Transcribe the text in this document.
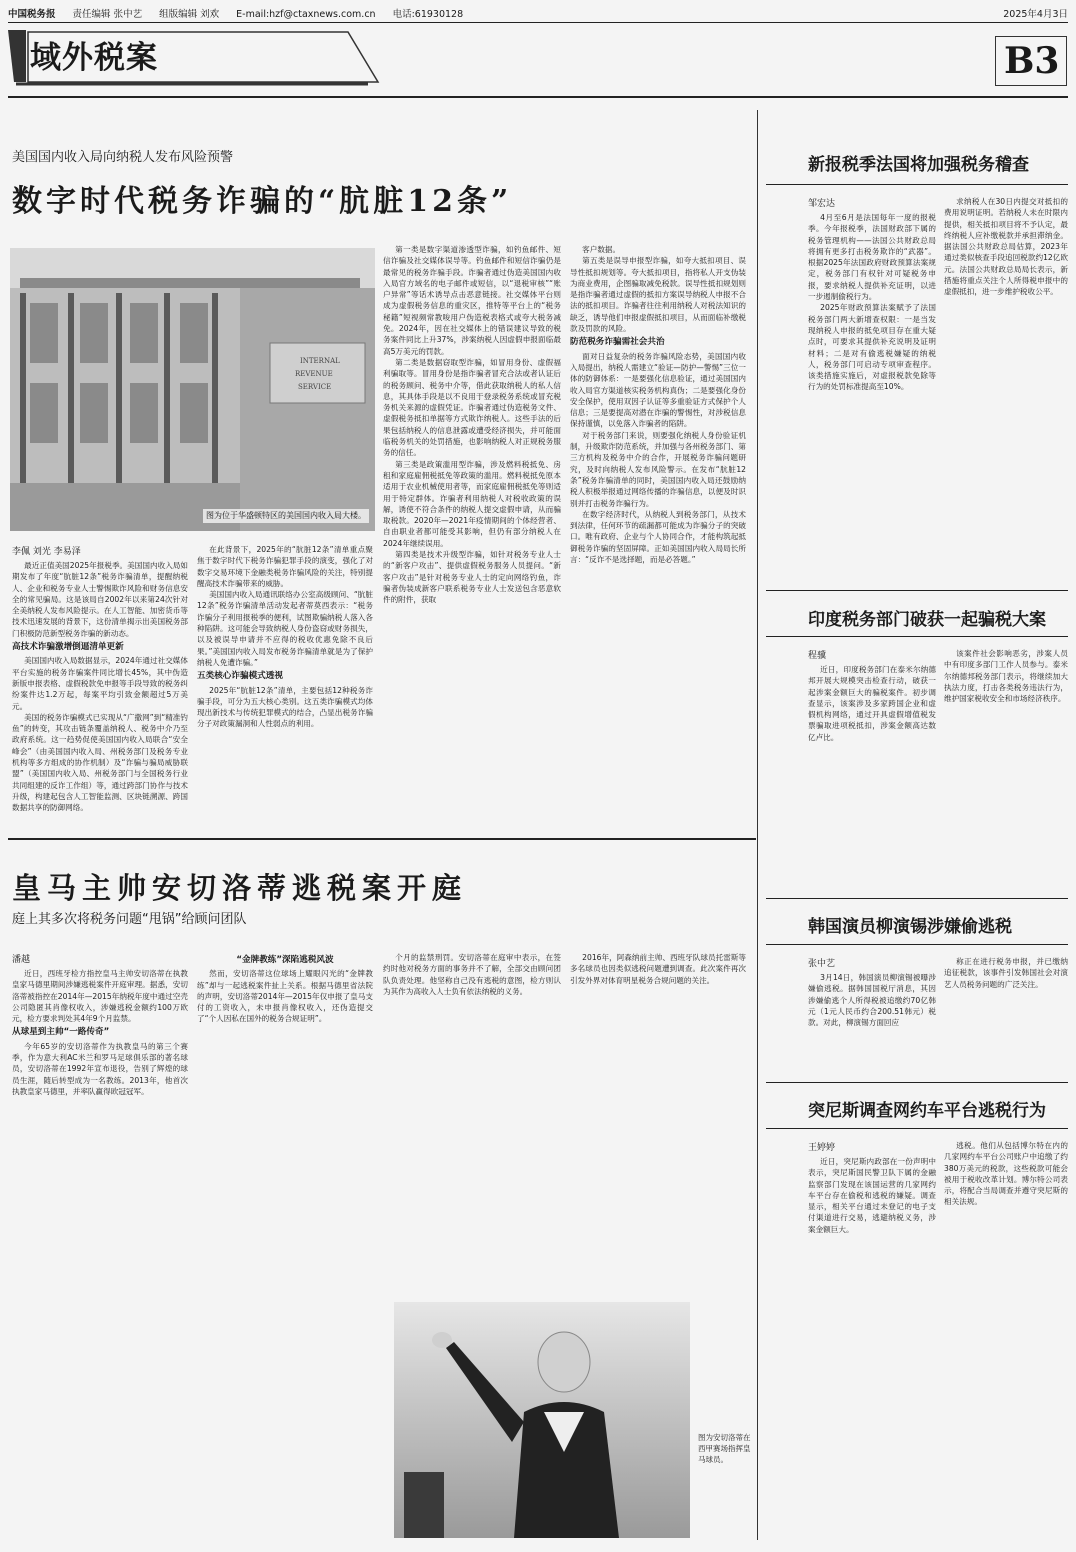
中国税务报 责任编辑 张中艺 组版编辑 刘欢 E-mail:hzf@ctaxnews.com.cn 电话:61930128	2025年4月3日
域外税案	B3
美国国内收入局向纳税人发布风险预警
数字时代税务诈骗的“肮脏12条”
INTERNAL
REVENUE
SERVICE
图为位于华盛顿特区的美国国内收入局大楼。
李佩 刘光 李易泽

最近正值美国2025年报税季。美国国内收入局如期发布了年度“肮脏12条”税务诈骗清单，提醒纳税人、企业和税务专业人士警惕欺诈风险和财务信息安全的常见骗局。这是该局自2002年以来第24次针对全美纳税人发布风险提示。在人工智能、加密货币等技术迅速发展的背景下，这份清单揭示出美国税务部门积极防范新型税务诈骗的新动态。

高技术诈骗激增倒逼清单更新

美国国内收入局数据显示，2024年通过社交媒体平台实施的税务诈骗案件同比增长45%，其中伪造新版申报表格、虚假税款免申报等手段导致的税务纠纷案件达1.2万起，每案平均引致金额超过5万美元。

美国的税务诈骗模式已实现从“广撒网”到“精准钓鱼”的转变，其攻击链条覆盖纳税人、税务中介乃至政府系统。这一趋势促使美国国内收入局联合“安全峰会”（由美国国内收入局、州税务部门及税务专业机构等多方组成的协作机制）及“诈骗与骗局威胁联盟”（美国国内收入局、州税务部门与全国税务行业共同组建的反诈工作组）等，通过跨部门协作与技术升级，构建起包含人工智能监测、区块链溯源、跨国数据共享的防御网络。

在此背景下，2025年的“肮脏12条”清单重点聚焦于数字时代下税务诈骗犯罪手段的演变，强化了对数字交易环境下金融类税务诈骗风险的关注，特别提醒高技术诈骗带来的威胁。

美国国内收入局通讯联络办公室高级顾问、“肮脏12条”税务诈骗清单活动发起者蒂莫西表示：“税务诈骗分子利用报税季的便利，试图欺骗纳税人落入各种陷阱。这可能会导致纳税人身份盗窃或财务损失，以及被误导申请并不应得的税收优惠免除不良后果。”美国国内收入局发布税务诈骗清单就是为了保护纳税人免遭诈骗。”

五类核心诈骗模式透视

2025年“肮脏12条”清单，主要包括12种税务诈骗手段，可分为五大核心类别。这五类诈骗模式均体现出新技术与传统犯罪模式的结合，凸显出税务诈骗分子对政策漏洞和人性弱点的利用。

第一类是数字渠道渗透型诈骗，如钓鱼邮件、短信诈骗及社交媒体误导等。钓鱼邮件和短信诈骗仍是最常见的税务诈骗手段。诈骗者通过伪造美国国内收入局官方域名的电子邮件或短信，以“退税审核”“账户异常”等话术诱导点击恶意链接。社交媒体平台则成为虚假税务信息的重灾区，推特等平台上的“税务秘籍”短视频常教唆用户伪造税表格式或夸大税务减免。2024年，因在社交媒体上的错误建议导致的税务案件同比上升37%，涉案纳税人因虚假申报面临最高5万美元的罚款。

第二类是数据窃取型诈骗，如冒用身份、虚假福利骗取等。冒用身份是指诈骗者冒充合法或者认证后的税务顾问、税务中介等，借此获取纳税人的私人信息，其具体手段是以不良用于登录税务系统或冒充税务机关来源的虚假凭证。诈骗者通过伪造税务文件、虚假税务抵扣单据等方式欺诈纳税人。这些手法的后果包括纳税人的信息泄露或遭受经济损失，并可能面临税务机关的处罚措施，也影响纳税人对正规税务服务的信任。

第三类是政策滥用型诈骗，涉及燃料税抵免、房租和家庭雇佣税抵免等政策的滥用。燃料税抵免原本适用于农业机械使用者等，而家庭雇佣税抵免等则适用于特定群体。诈骗者利用纳税人对税收政策的误解，诱使不符合条件的纳税人提交虚假申请，从而骗取税款。2020年—2021年疫情期间的个体经营者、自由职业者都可能受其影响，但仍有部分纳税人在2024年继续误用。

第四类是技术升级型诈骗，如针对税务专业人士的“新客户攻击”、提供虚假税务服务人员提问。“新客户攻击”是针对税务专业人士的定向网络钓鱼，诈骗者伪装成新客户联系税务专业人士发送包含恶意软件的附件，获取

客户数据。

第五类是误导申报型诈骗，如夸大抵扣项目、误导性抵扣规划等。夸大抵扣项目，指将私人开支伪装为商业费用，企图骗取减免税款。误导性抵扣规划则是指诈骗者通过虚假的抵扣方案误导纳税人申报不合法的抵扣项目。诈骗者往往利用纳税人对税法知识的缺乏，诱导他们申报虚假抵扣项目，从而面临补缴税款及罚款的风险。

防范税务诈骗需社会共治

面对日益复杂的税务诈骗风险态势，美国国内收入局提出，纳税人需建立“验证—防护—警惕”三位一体的防御体系：一是要强化信息验证，通过美国国内收入局官方渠道核实税务机构真伪；二是要强化身份安全保护，使用双因子认证等多重验证方式保护个人信息；三是要提高对潜在诈骗的警惕性，对涉税信息保持谨慎，以免落入诈骗者的陷阱。

对于税务部门来说，则要强化纳税人身份验证机制，升级欺诈防范系统，并加强与各州税务部门、第三方机构及税务中介的合作，开展税务诈骗问题研究，及时向纳税人发布风险警示。在发布“肮脏12条”税务诈骗清单的同时，美国国内收入局还鼓励纳税人积极举报通过网络传播的诈骗信息，以便及时识别并打击税务诈骗行为。

在数字经济时代，从纳税人到税务部门，从技术到法律，任何环节的疏漏都可能成为诈骗分子的突破口。唯有政府、企业与个人协同合作，才能构筑起抵御税务诈骗的坚固屏障。正如美国国内收入局局长所言：“反诈不是选择题，而是必答题。”

新报税季法国将加强税务稽查
邹宏达

4月至6月是法国每年一度的报税季。今年报税季，法国财政部下属的税务管理机构——法国公共财政总局将拥有更多打击税务欺诈的“武器”。根据2025年法国政府财政预算法案规定，税务部门有权针对可疑税务申报，要求纳税人提供补充证明，以进一步遏制偷税行为。

2025年财政预算法案赋予了法国税务部门两大新增查权限：一是当发现纳税人申报的抵免项目存在重大疑点时，可要求其提供补充说明及证明材料；二是对有偷逃税嫌疑的纳税人，税务部门可启动专项审查程序。该类措施实施后，对虚报税款免除等行为的处罚标准提高至10%。

求纳税人在30日内提交对抵扣的费用说明证明。若纳税人未在时限内提供，相关抵扣项目将不予认定，最终纳税人应补缴税款并承担滞纳金。据法国公共财政总局估算，2023年通过类似核查手段追回税款约12亿欧元。法国公共财政总局局长表示，新措施将重点关注个人所得税申报中的虚假抵扣，进一步维护税收公平。

印度税务部门破获一起骗税大案
程骥

近日，印度税务部门在泰米尔纳德邦开展大规模突击检查行动，破获一起涉案金额巨大的骗税案件。初步调查显示，该案涉及多家跨国企业和虚假机构网络，通过开具虚假增值税发票骗取进项税抵扣，涉案金额高达数亿卢比。

该案件社会影响恶劣，涉案人员中有印度多部门工作人员参与。泰米尔纳德邦税务部门表示，将继续加大执法力度，打击各类税务违法行为，维护国家税收安全和市场经济秩序。

韩国演员柳演锡涉嫌偷逃税
张中艺

3月14日，韩国演员柳演锡被曝涉嫌偷逃税。据韩国国税厅消息，其因涉嫌偷逃个人所得税被追缴约70亿韩元（1元人民币约合200.51韩元）税款。对此，柳演锡方面回应

称正在进行税务申报，并已缴纳追征税款，该事件引发韩国社会对演艺人员税务问题的广泛关注。

突尼斯调查网约车平台逃税行为
王婷婷

近日，突尼斯内政部在一份声明中表示，突尼斯国民警卫队下属的金融监察部门发现在该国运营的几家网约车平台存在偷税和逃税的嫌疑。调查显示，相关平台通过未登记的电子支付渠道进行交易，逃避纳税义务，涉案金额巨大。

逃税。他们从包括博尔特在内的几家网约车平台公司账户中追缴了约380万美元的税款，这些税款可能会被用于税收改革计划。博尔特公司表示，将配合当局调查并遵守突尼斯的相关法规。

皇马主帅安切洛蒂逃税案开庭
庭上其多次将税务问题“甩锅”给顾问团队
潘越

近日，西班牙检方指控皇马主帅安切洛蒂在执教皇家马德里期间涉嫌逃税案件开庭审理。据悉，安切洛蒂被指控在2014年—2015年纳税年度中通过空壳公司隐匿其肖像权收入，涉嫌逃税金额约100万欧元，检方要求判处其4年9个月监禁。

从球星到主帅“一路传奇”

今年65岁的安切洛蒂作为执教皇马的第三个赛季，作为意大利AC米兰和罗马足球俱乐部的著名球员，安切洛蒂在1992年宣布退役，告别了辉煌的球员生涯，随后转型成为一名教练。2013年，他首次执教皇家马德里，并率队赢得欧冠冠军。

“金牌教练”深陷逃税风波

然而，安切洛蒂这位球场上耀眼闪光的“金牌教练”却与一起逃税案件扯上关系。根据马德里省法院的声明，安切洛蒂2014年—2015年仅申报了皇马支付的工资收入，未申报肖像权收入，还伪造提交了“个人因私在国外的税务合规证明”。

个月的监禁刑罚。安切洛蒂在庭审中表示，在签约时他对税务方面的事务并不了解，全部交由顾问团队负责处理。他坚称自己没有逃税的意图，检方则认为其作为高收入人士负有依法纳税的义务。

2016年，阿森纳前主帅、西班牙队球员托雷斯等多名球员也因类似逃税问题遭到调查。此次案件再次引发外界对体育明星税务合规问题的关注。

图为安切洛蒂在西甲赛场指挥皇马球员。
